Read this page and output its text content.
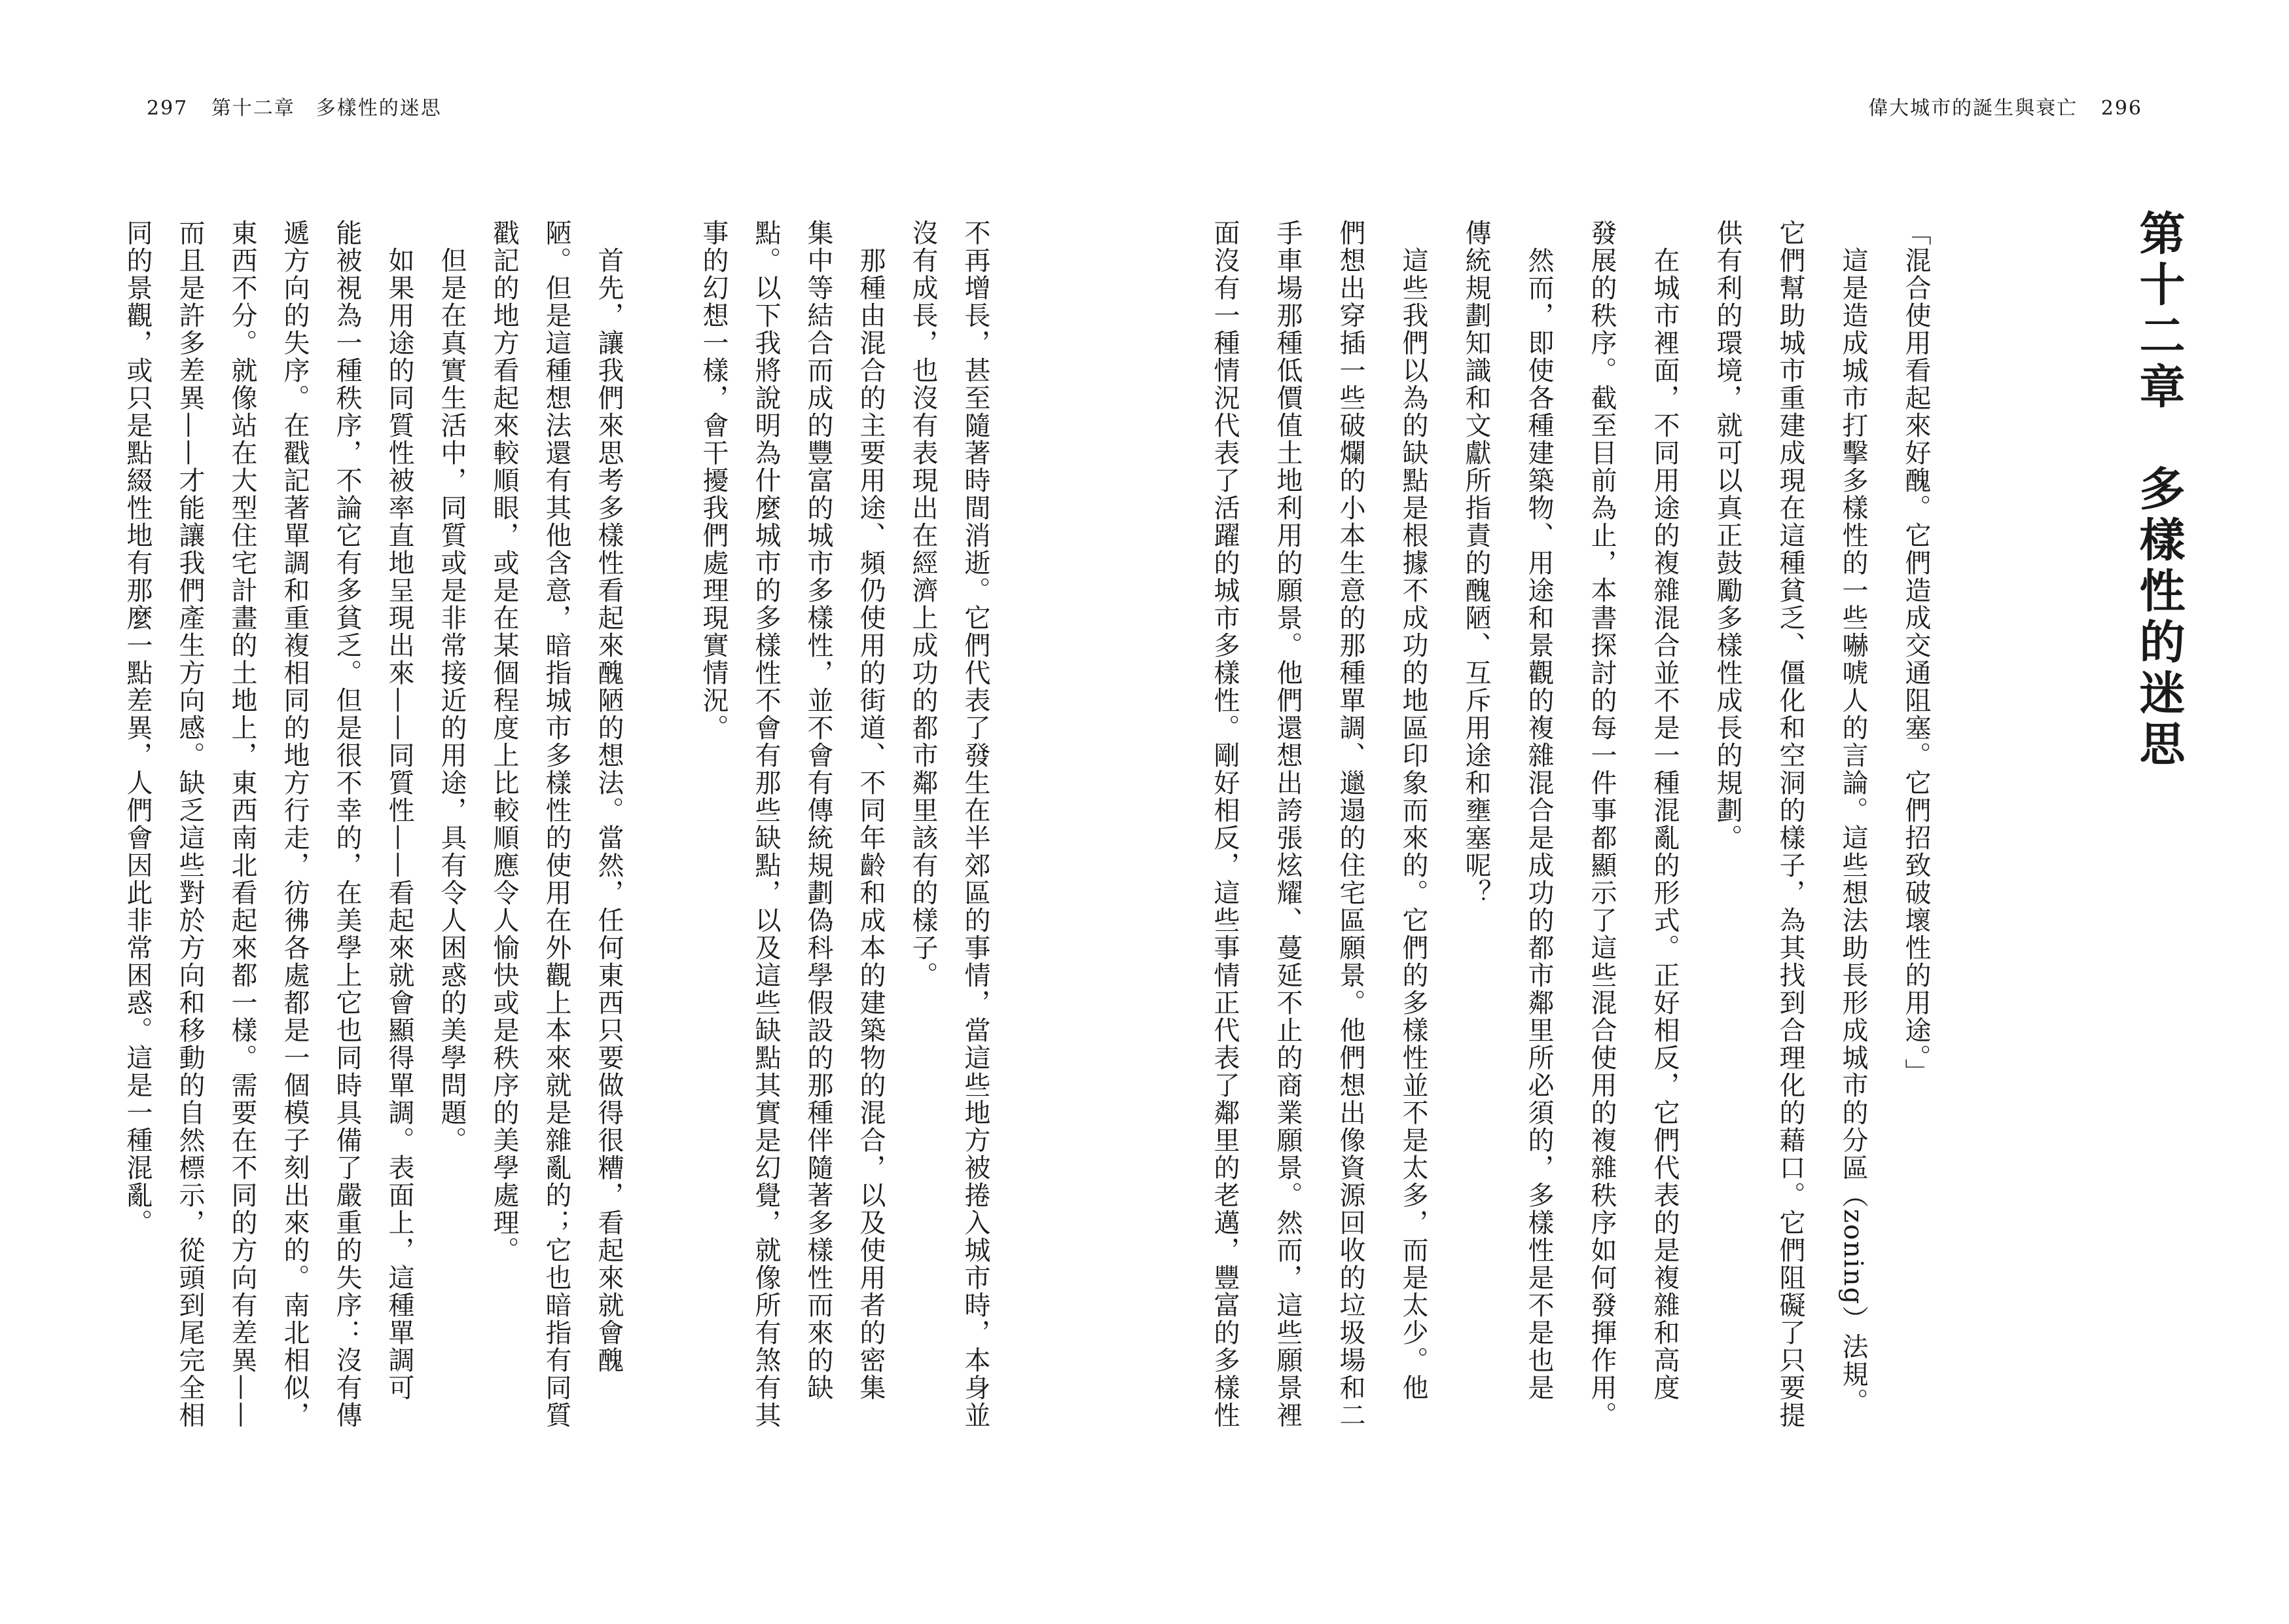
297 第十二章　多樣性的迷思	偉大城市的誕生與衰亡 296
不再增長，甚至隨著時間消逝。它們代表了發生在半郊區的事情，當這些地方被捲入城市時，本身並
沒有成長，也沒有表現出在經濟上成功的都市鄰里該有的樣子。
　那種由混合的主要用途、頻仍使用的街道、不同年齡和成本的建築物的混合，以及使用者的密集
集中等結合而成的豐富的城市多樣性，並不會有傳統規劃偽科學假設的那種伴隨著多樣性而來的缺
點。以下我將說明為什麼城市的多樣性不會有那些缺點，以及這些缺點其實是幻覺，就像所有煞有其
事的幻想一樣，會干擾我們處理現實情況。
　首先，讓我們來思考多樣性看起來醜陋的想法。當然，任何東西只要做得很糟，看起來就會醜
陋。但是這種想法還有其他含意，暗指城市多樣性的使用在外觀上本來就是雜亂的；它也暗指有同質
戳記的地方看起來較順眼，或是在某個程度上比較順應令人愉快或是秩序的美學處理。
　但是在真實生活中，同質或是非常接近的用途，具有令人困惑的美學問題。
　如果用途的同質性被率直地呈現出來——同質性——看起來就會顯得單調。表面上，這種單調可
能被視為一種秩序，不論它有多貧乏。但是很不幸的，在美學上它也同時具備了嚴重的失序：沒有傳
遞方向的失序。在戳記著單調和重複相同的地方行走，彷彿各處都是一個模子刻出來的。南北相似，
東西不分。就像站在大型住宅計畫的土地上，東西南北看起來都一樣。需要在不同的方向有差異——
而且是許多差異——才能讓我們產生方向感。缺乏這些對於方向和移動的自然標示，從頭到尾完全相
同的景觀，或只是點綴性地有那麼一點差異，人們會因此非常困惑。這是一種混亂。	第十二章　多樣性的迷思
「混合使用看起來好醜。它們造成交通阻塞。它們招致破壞性的用途。」
　這是造成城市打擊多樣性的一些嚇唬人的言論。這些想法助長形成城市的分區（zoning）法規。
它們幫助城市重建成現在這種貧乏、僵化和空洞的樣子，為其找到合理化的藉口。它們阻礙了只要提
供有利的環境，就可以真正鼓勵多樣性成長的規劃。
　在城市裡面，不同用途的複雜混合並不是一種混亂的形式。正好相反，它們代表的是複雜和高度
發展的秩序。截至目前為止，本書探討的每一件事都顯示了這些混合使用的複雜秩序如何發揮作用。
　然而，即使各種建築物、用途和景觀的複雜混合是成功的都市鄰里所必須的，多樣性是不是也是
傳統規劃知識和文獻所指責的醜陋、互斥用途和壅塞呢？
　這些我們以為的缺點是根據不成功的地區印象而來的。它們的多樣性並不是太多，而是太少。他
們想出穿插一些破爛的小本生意的那種單調、邋遢的住宅區願景。他們想出像資源回收的垃圾場和二
手車場那種低價值土地利用的願景。他們還想出誇張炫耀、蔓延不止的商業願景。然而，這些願景裡
面沒有一種情況代表了活躍的城市多樣性。剛好相反，這些事情正代表了鄰里的老邁，豐富的多樣性
